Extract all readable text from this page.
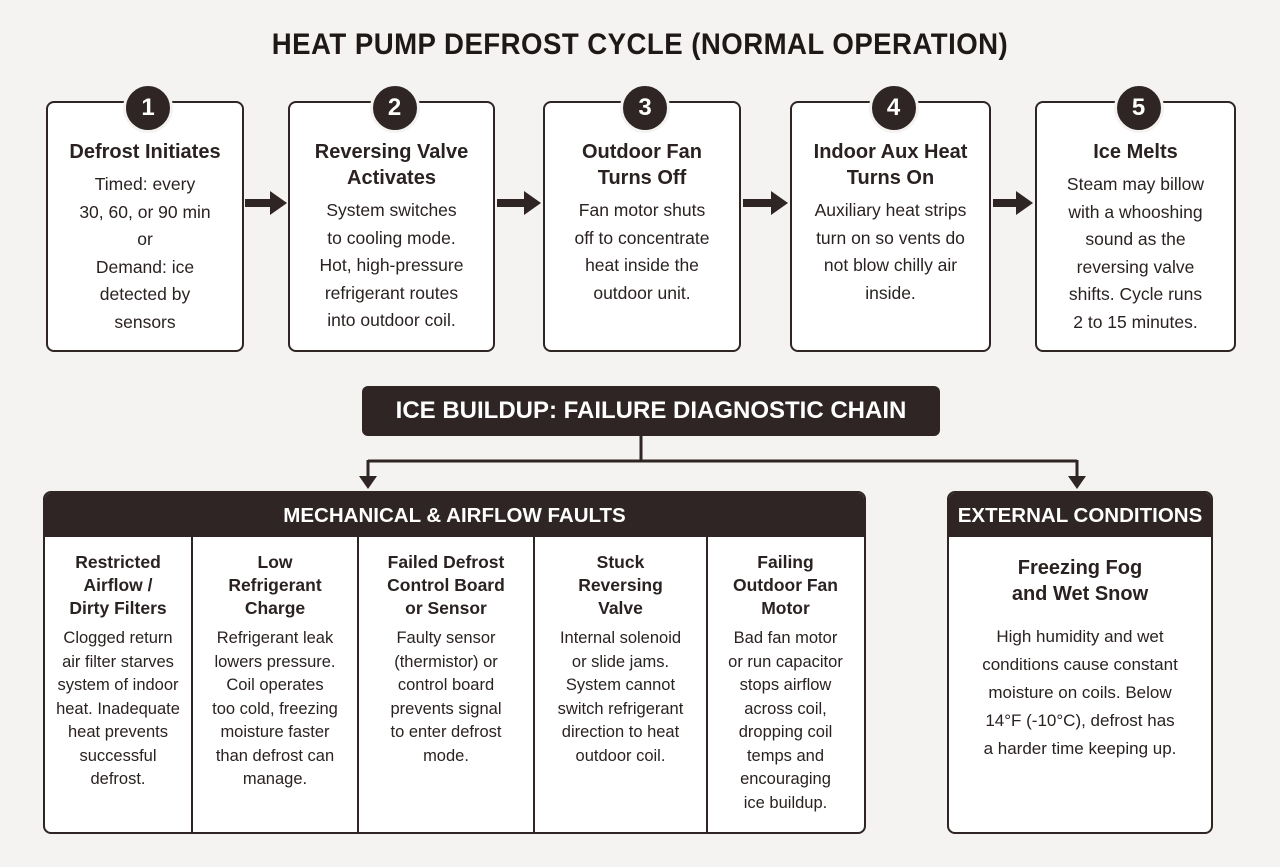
HEAT PUMP DEFROST CYCLE (NORMAL OPERATION)
1
Defrost Initiates
Timed: every
30, 60, or 90 min
or
Demand: ice
detected by
sensors
2
Reversing Valve
Activates
System switches
to cooling mode.
Hot, high-pressure
refrigerant routes
into outdoor coil.
3
Outdoor Fan
Turns Off
Fan motor shuts
off to concentrate
heat inside the
outdoor unit.
4
Indoor Aux Heat
Turns On
Auxiliary heat strips
turn on so vents do
not blow chilly air
inside.
5
Ice Melts
Steam may billow
with a whooshing
sound as the
reversing valve
shifts. Cycle runs
2 to 15 minutes.
ICE BUILDUP: FAILURE DIAGNOSTIC CHAIN
MECHANICAL & AIRFLOW FAULTS
Restricted
Airflow /
Dirty Filters
Clogged return
air filter starves
system of indoor
heat. Inadequate
heat prevents
successful
defrost.
Low
Refrigerant
Charge
Refrigerant leak
lowers pressure.
Coil operates
too cold, freezing
moisture faster
than defrost can
manage.
Failed Defrost
Control Board
or Sensor
Faulty sensor
(thermistor) or
control board
prevents signal
to enter defrost
mode.
Stuck
Reversing
Valve
Internal solenoid
or slide jams.
System cannot
switch refrigerant
direction to heat
outdoor coil.
Failing
Outdoor Fan
Motor
Bad fan motor
or run capacitor
stops airflow
across coil,
dropping coil
temps and
encouraging
ice buildup.
EXTERNAL CONDITIONS
Freezing Fog
and Wet Snow
High humidity and wet
conditions cause constant
moisture on coils. Below
14°F (-10°C), defrost has
a harder time keeping up.
